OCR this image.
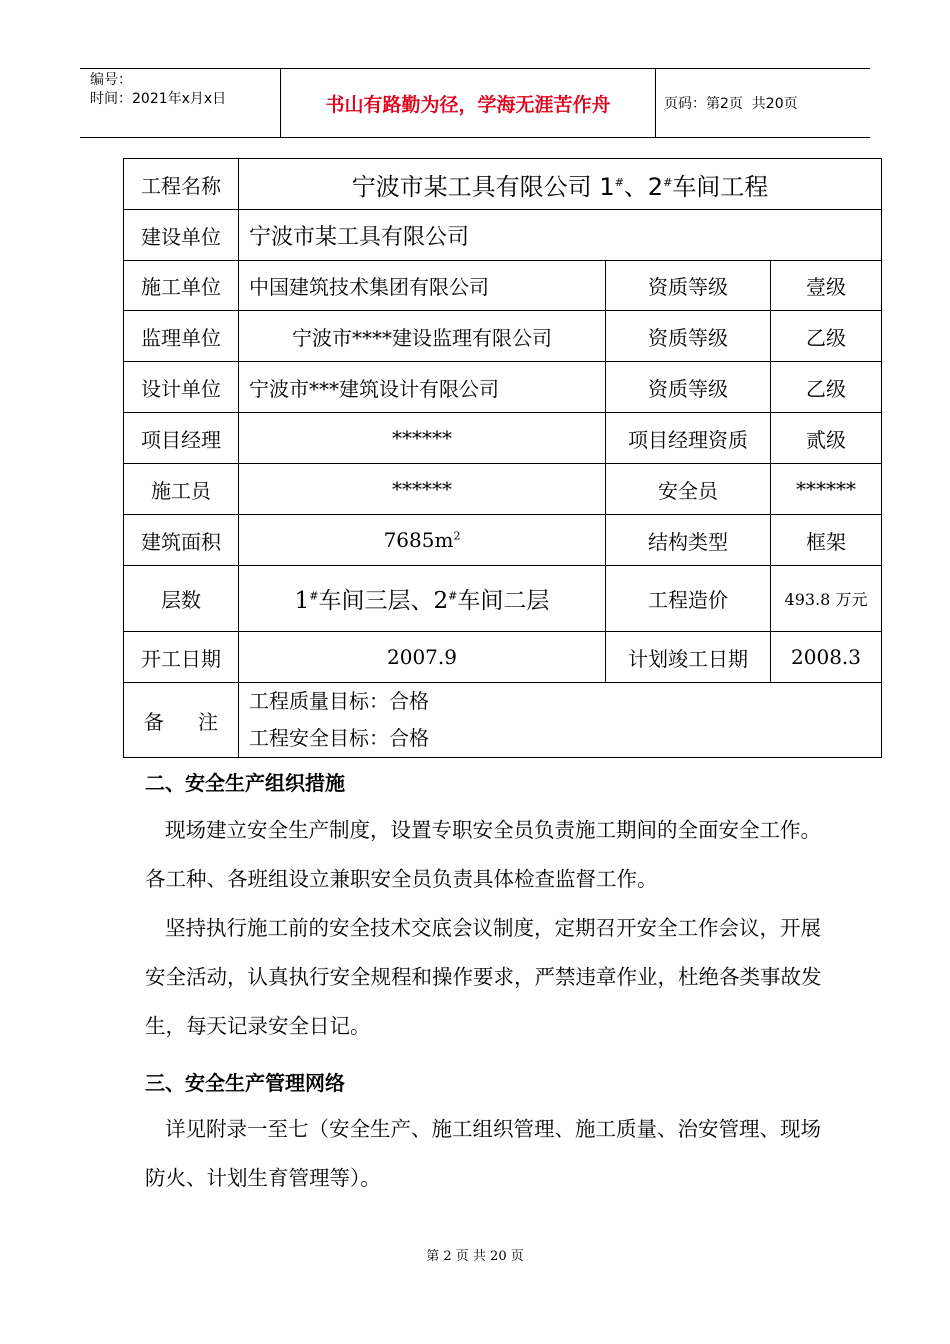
编号：
时间：2021年x月x日	书山有路勤为径，学海无涯苦作舟	页码：第2页  共20页
工程名称	宁波市某工具有限公司 1#、2#车间工程		
建设单位	宁波市某工具有限公司		
施工单位	中国建筑技术集团有限公司	资质等级	壹级
监理单位	宁波市****建设监理有限公司	资质等级	乙级
设计单位	宁波市***建筑设计有限公司	资质等级	乙级
项目经理	******	项目经理资质	贰级
施工员	******	安全员	******
建筑面积	$7685m^2$	结构类型	框架
层数	1#车间三层、2#车间二层	工程造价	493.8 万元
开工日期	2007.9	计划竣工日期	2008.3
备 注	工程质量目标：合格
工程安全目标：合格		
二、安全生产组织措施
现场建立安全生产制度，设置专职安全员负责施工期间的全面安全工作。各工种、各班组设立兼职安全员负责具体检查监督工作。
坚持执行施工前的安全技术交底会议制度，定期召开安全工作会议，开展安全活动，认真执行安全规程和操作要求，严禁违章作业，杜绝各类事故发生，每天记录安全日记。
三、安全生产管理网络
详见附录一至七（安全生产、施工组织管理、施工质量、治安管理、现场防火、计划生育管理等）。
第 2 页 共 20 页
